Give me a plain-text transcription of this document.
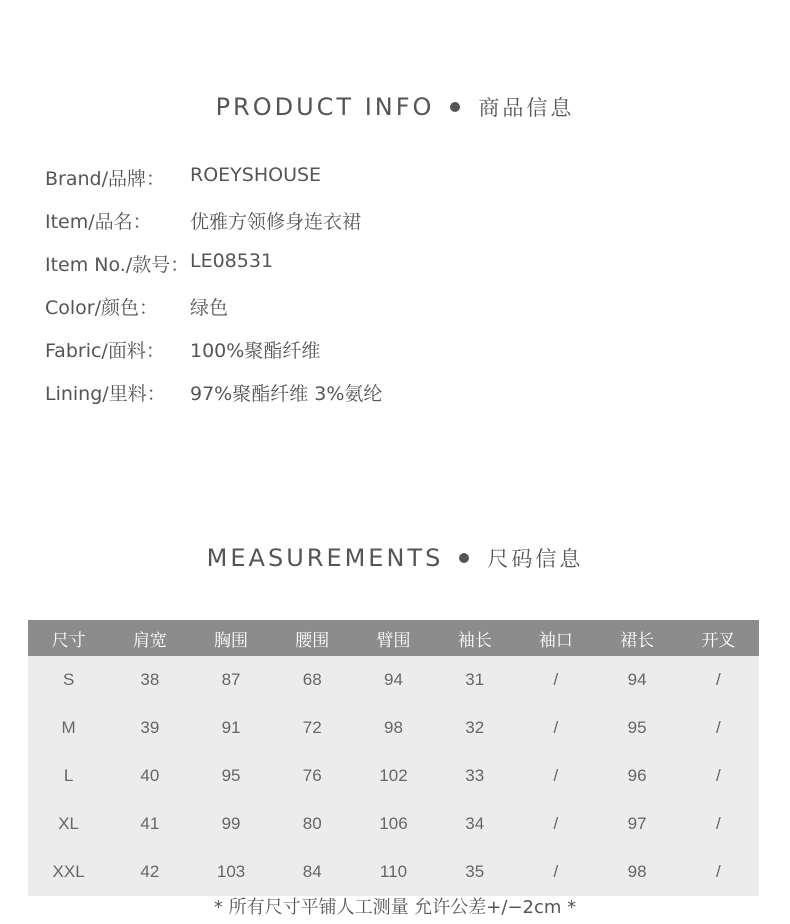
PRODUCT INFO 商品信息
Brand/品牌： ROEYSHOUSE
Item/品名： 优雅方领修身连衣裙
Item No./款号： LE08531
Color/颜色： 绿色
Fabric/面料： 100%聚酯纤维
Lining/里料： 97%聚酯纤维 3%氨纶
MEASUREMENTS 尺码信息
尺寸	肩宽	胸围	腰围	臂围	袖长	袖口	裙长	开叉
S	38	87	68	94	31	/	94	/
M	39	91	72	98	32	/	95	/
L	40	95	76	102	33	/	96	/
XL	41	99	80	106	34	/	97	/
XXL	42	103	84	110	35	/	98	/
* 所有尺寸平铺人工测量 允许公差+/−2cm *
